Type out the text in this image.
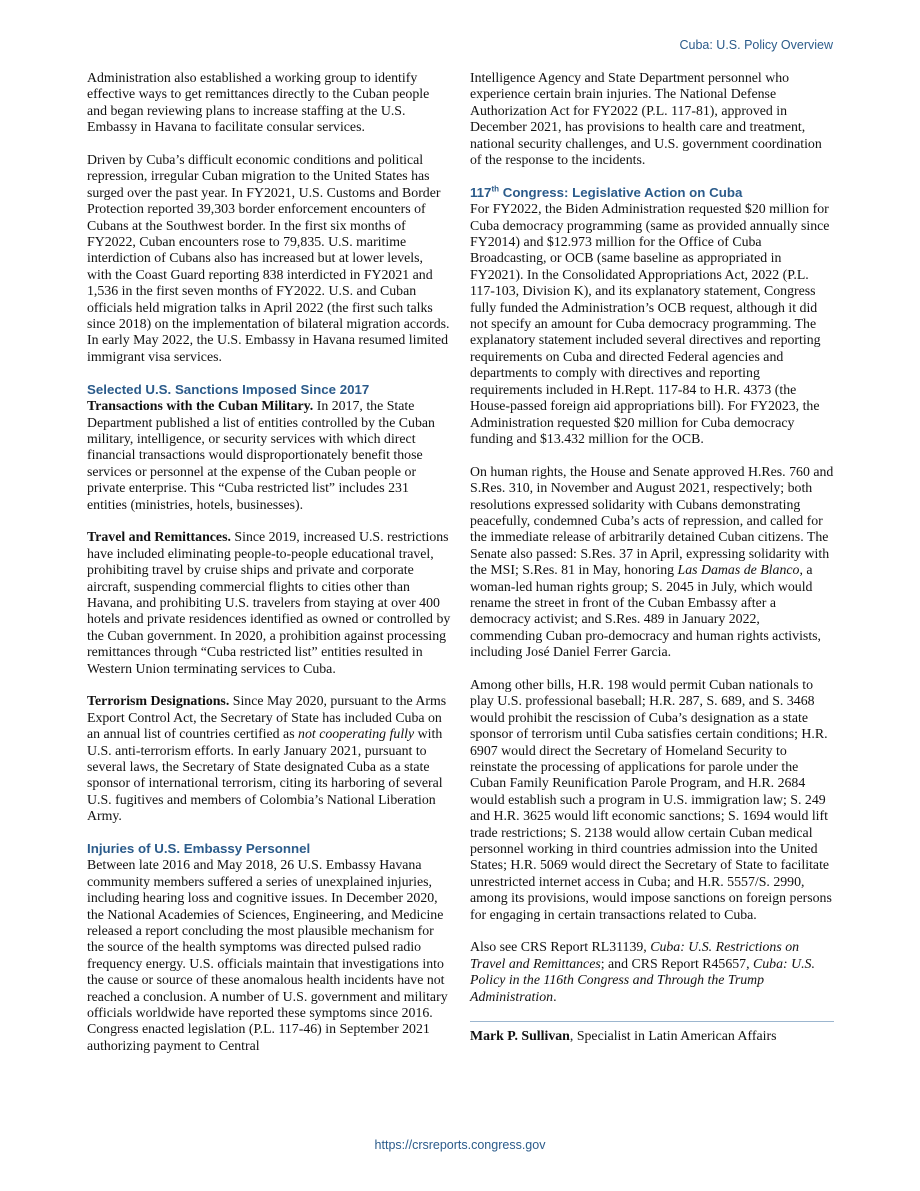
Cuba: U.S. Policy Overview

Administration also established a working group to identify effective ways to get remittances directly to the Cuban people and began reviewing plans to increase staffing at the U.S. Embassy in Havana to facilitate consular services.

Driven by Cuba’s difficult economic conditions and political repression, irregular Cuban migration to the United States has surged over the past year. In FY2021, U.S. Customs and Border Protection reported 39,303 border enforcement encounters of Cubans at the Southwest border. In the first six months of FY2022, Cuban encounters rose to 79,835. U.S. maritime interdiction of Cubans also has increased but at lower levels, with the Coast Guard reporting 838 interdicted in FY2021 and 1,536 in the first seven months of FY2022. U.S. and Cuban officials held migration talks in April 2022 (the first such talks since 2018) on the implementation of bilateral migration accords. In early May 2022, the U.S. Embassy in Havana resumed limited immigrant visa services.

Selected U.S. Sanctions Imposed Since 2017

Transactions with the Cuban Military. In 2017, the State Department published a list of entities controlled by the Cuban military, intelligence, or security services with which direct financial transactions would disproportionately benefit those services or personnel at the expense of the Cuban people or private enterprise. This “Cuba restricted list” includes 231 entities (ministries, hotels, businesses).

Travel and Remittances. Since 2019, increased U.S. restrictions have included eliminating people-to-people educational travel, prohibiting travel by cruise ships and private and corporate aircraft, suspending commercial flights to cities other than Havana, and prohibiting U.S. travelers from staying at over 400 hotels and private residences identified as owned or controlled by the Cuban government. In 2020, a prohibition against processing remittances through “Cuba restricted list” entities resulted in Western Union terminating services to Cuba.

Terrorism Designations. Since May 2020, pursuant to the Arms Export Control Act, the Secretary of State has included Cuba on an annual list of countries certified as not cooperating fully with U.S. anti-terrorism efforts. In early January 2021, pursuant to several laws, the Secretary of State designated Cuba as a state sponsor of international terrorism, citing its harboring of several U.S. fugitives and members of Colombia’s National Liberation Army.

Injuries of U.S. Embassy Personnel

Between late 2016 and May 2018, 26 U.S. Embassy Havana community members suffered a series of unexplained injuries, including hearing loss and cognitive issues. In December 2020, the National Academies of Sciences, Engineering, and Medicine released a report concluding the most plausible mechanism for the source of the health symptoms was directed pulsed radio frequency energy. U.S. officials maintain that investigations into the cause or source of these anomalous health incidents have not reached a conclusion. A number of U.S. government and military officials worldwide have reported these symptoms since 2016. Congress enacted legislation (P.L. 117-46) in September 2021 authorizing payment to Central

Intelligence Agency and State Department personnel who experience certain brain injuries. The National Defense Authorization Act for FY2022 (P.L. 117-81), approved in December 2021, has provisions to health care and treatment, national security challenges, and U.S. government coordination of the response to the incidents.

117th Congress: Legislative Action on Cuba

For FY2022, the Biden Administration requested $20 million for Cuba democracy programming (same as provided annually since FY2014) and $12.973 million for the Office of Cuba Broadcasting, or OCB (same baseline as appropriated in FY2021). In the Consolidated Appropriations Act, 2022 (P.L. 117-103, Division K), and its explanatory statement, Congress fully funded the Administration’s OCB request, although it did not specify an amount for Cuba democracy programming. The explanatory statement included several directives and reporting requirements on Cuba and directed Federal agencies and departments to comply with directives and reporting requirements included in H.Rept. 117-84 to H.R. 4373 (the House-passed foreign aid appropriations bill). For FY2023, the Administration requested $20 million for Cuba democracy funding and $13.432 million for the OCB.

On human rights, the House and Senate approved H.Res. 760 and S.Res. 310, in November and August 2021, respectively; both resolutions expressed solidarity with Cubans demonstrating peacefully, condemned Cuba’s acts of repression, and called for the immediate release of arbitrarily detained Cuban citizens. The Senate also passed: S.Res. 37 in April, expressing solidarity with the MSI; S.Res. 81 in May, honoring Las Damas de Blanco, a woman-led human rights group; S. 2045 in July, which would rename the street in front of the Cuban Embassy after a democracy activist; and S.Res. 489 in January 2022, commending Cuban pro-democracy and human rights activists, including José Daniel Ferrer Garcia.

Among other bills, H.R. 198 would permit Cuban nationals to play U.S. professional baseball; H.R. 287, S. 689, and S. 3468 would prohibit the rescission of Cuba’s designation as a state sponsor of terrorism until Cuba satisfies certain conditions; H.R. 6907 would direct the Secretary of Homeland Security to reinstate the processing of applications for parole under the Cuban Family Reunification Parole Program, and H.R. 2684 would establish such a program in U.S. immigration law; S. 249 and H.R. 3625 would lift economic sanctions; S. 1694 would lift trade restrictions; S. 2138 would allow certain Cuban medical personnel working in third countries admission into the United States; H.R. 5069 would direct the Secretary of State to facilitate unrestricted internet access in Cuba; and H.R. 5557/S. 2990, among its provisions, would impose sanctions on foreign persons for engaging in certain transactions related to Cuba.

Also see CRS Report RL31139, Cuba: U.S. Restrictions on Travel and Remittances; and CRS Report R45657, Cuba: U.S. Policy in the 116th Congress and Through the Trump Administration.

Mark P. Sullivan, Specialist in Latin American Affairs

https://crsreports.congress.gov
